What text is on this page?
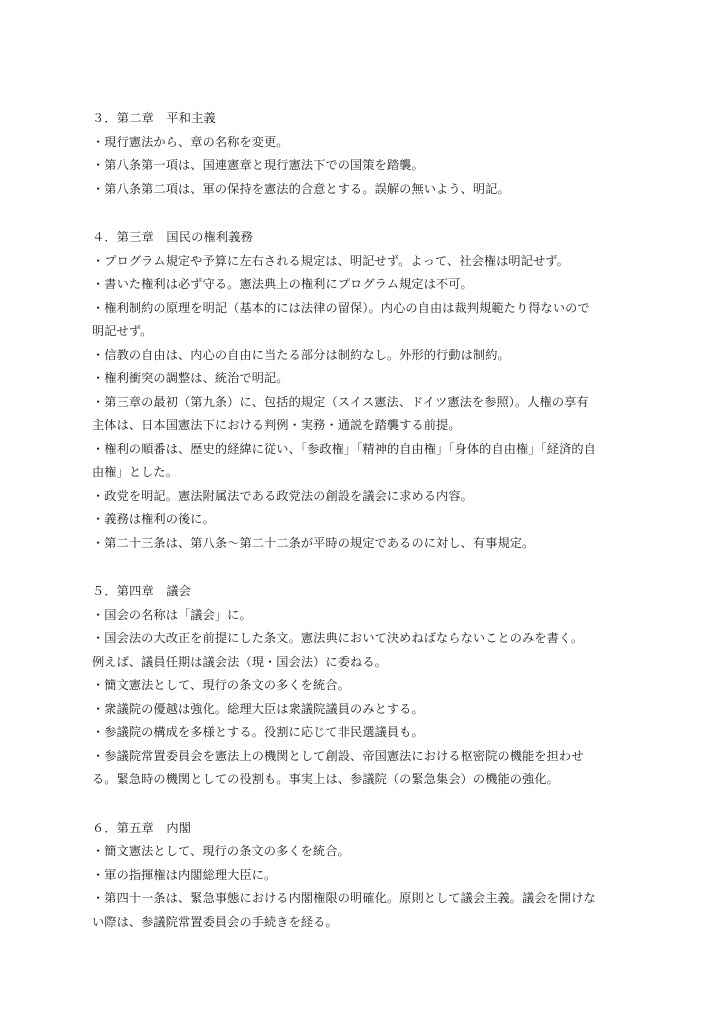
３．第二章　平和主義
・現行憲法から、章の名称を変更。
・第八条第一項は、国連憲章と現行憲法下での国策を踏襲。
・第八条第二項は、軍の保持を憲法的合意とする。誤解の無いよう、明記。
４．第三章　国民の権利義務
・プログラム規定や予算に左右される規定は、明記せず。よって、社会権は明記せず。
・書いた権利は必ず守る。憲法典上の権利にプログラム規定は不可。
・権利制約の原理を明記（基本的には法律の留保）。内心の自由は裁判規範たり得ないので
明記せず。
・信教の自由は、内心の自由に当たる部分は制約なし。外形的行動は制約。
・権利衝突の調整は、統治で明記。
・第三章の最初（第九条）に、包括的規定（スイス憲法、ドイツ憲法を参照）。人権の享有
主体は、日本国憲法下における判例・実務・通説を踏襲する前提。
・権利の順番は、歴史的経緯に従い、「参政権」「精神的自由権」「身体的自由権」「経済的自
由権」とした。
・政党を明記。憲法附属法である政党法の創設を議会に求める内容。
・義務は権利の後に。
・第二十三条は、第八条〜第二十二条が平時の規定であるのに対し、有事規定。
５．第四章　議会
・国会の名称は「議会」に。
・国会法の大改正を前提にした条文。憲法典において決めねばならないことのみを書く。
例えば、議員任期は議会法（現・国会法）に委ねる。
・簡文憲法として、現行の条文の多くを統合。
・衆議院の優越は強化。総理大臣は衆議院議員のみとする。
・参議院の構成を多様とする。役割に応じて非民選議員も。
・参議院常置委員会を憲法上の機関として創設、帝国憲法における枢密院の機能を担わせ
る。緊急時の機関としての役割も。事実上は、参議院（の緊急集会）の機能の強化。
６．第五章　内閣
・簡文憲法として、現行の条文の多くを統合。
・軍の指揮権は内閣総理大臣に。
・第四十一条は、緊急事態における内閣権限の明確化。原則として議会主義。議会を開けな
い際は、参議院常置委員会の手続きを経る。
